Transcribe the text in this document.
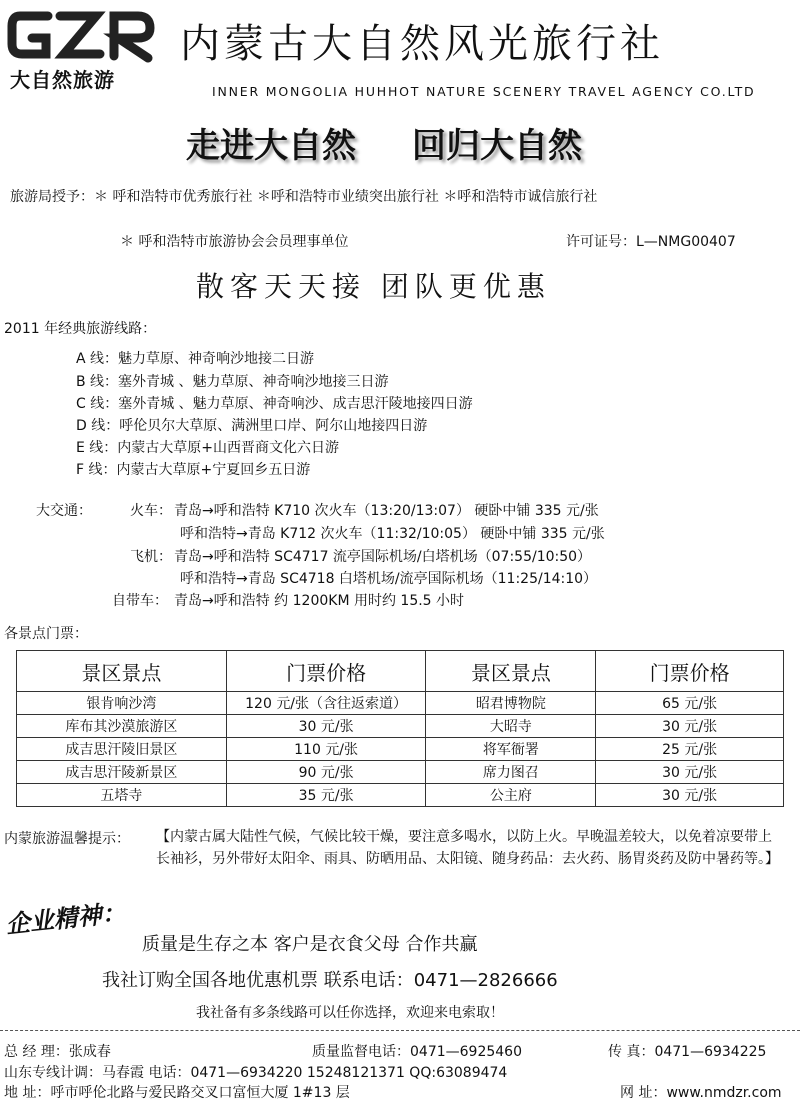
大自然旅游
内蒙古大自然风光旅行社
INNER MONGOLIA HUHHOT NATURE SCENERY TRAVEL AGENCY CO.LTD
走进大自然 回归大自然
旅游局授予：＊ 呼和浩特市优秀旅行社 ＊呼和浩特市业绩突出旅行社 ＊呼和浩特市诚信旅行社
＊ 呼和浩特市旅游协会会员理事单位	许可证号：L—NMG00407
散客天天接 团队更优惠
2011 年经典旅游线路：
A 线：魅力草原、神奇响沙地接二日游
B 线：塞外青城 、魅力草原、神奇响沙地接三日游
C 线：塞外青城 、魅力草原、神奇响沙、成吉思汗陵地接四日游
D 线：呼伦贝尔大草原、满洲里口岸、阿尔山地接四日游
E 线：内蒙古大草原+山西晋商文化六日游
F 线：内蒙古大草原+宁夏回乡五日游
大交通：	火车： 青岛→呼和浩特 K710 次火车（13:20/13:07） 硬卧中铺 335 元/张
呼和浩特→青岛 K712 次火车（11:32/10:05） 硬卧中铺 335 元/张
飞机： 青岛→呼和浩特 SC4717 流亭国际机场/白塔机场（07:55/10:50）
呼和浩特→青岛 SC4718 白塔机场/流亭国际机场（11:25/14:10）
自带车： 青岛→呼和浩特 约 1200KM 用时约 15.5 小时
各景点门票：
景区景点	门票价格	景区景点	门票价格
银肯响沙湾	120 元/张（含往返索道）	昭君博物院	65 元/张
库布其沙漠旅游区	30 元/张	大昭寺	30 元/张
成吉思汗陵旧景区	110 元/张	将军衙署	25 元/张
成吉思汗陵新景区	90 元/张	席力图召	30 元/张
五塔寺	35 元/张	公主府	30 元/张
内蒙旅游温馨提示： 【内蒙古属大陆性气候，气候比较干燥，要注意多喝水，以防上火。早晚温差较大，以免着凉要带上长袖衫，另外带好太阳伞、雨具、防晒用品、太阳镜、随身药品：去火药、肠胃炎药及防中暑药等。】
企业精神：
质量是生存之本 客户是衣食父母 合作共赢
我社订购全国各地优惠机票 联系电话：0471—2826666
我社备有多条线路可以任你选择，欢迎来电索取！
总 经 理：张成春	质量监督电话：0471—6925460	传 真：0471—6934225
山东专线计调：马春霞 电话：0471—6934220 15248121371 QQ:63089474
地 址：呼市呼伦北路与爱民路交叉口富恒大厦 1#13 层	网 址：www.nmdzr.com
